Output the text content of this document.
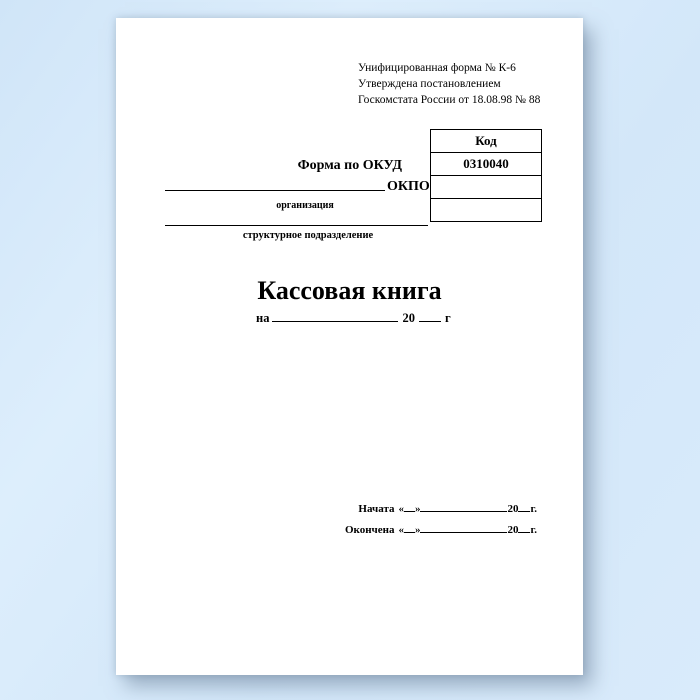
Унифицированная форма № К-6
Утверждена постановлением
Госкомстата России от 18.08.98 № 88
Код
0310040

Форма по ОКУД
ОКПО
организация
структурное подразделение
Кассовая книга
на	20 г
Начата « »	20 г.
Окончена « »	20 г.
